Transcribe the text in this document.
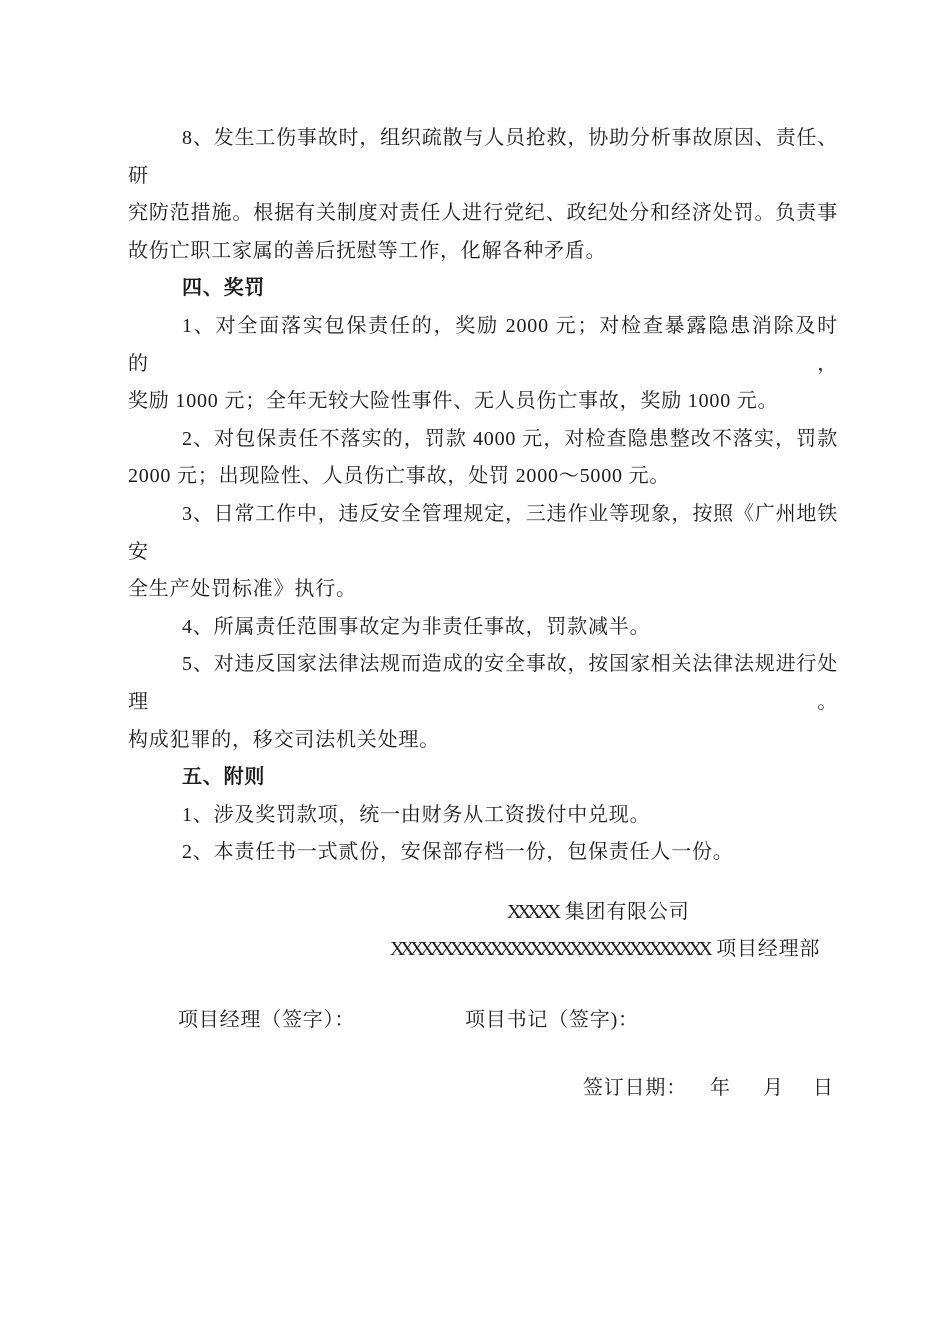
8、发生工伤事故时，组织疏散与人员抢救，协助分析事故原因、责任、研
究防范措施。根据有关制度对责任人进行党纪、政纪处分和经济处罚。负责事
故伤亡职工家属的善后抚慰等工作，化解各种矛盾。
四、奖罚
1、对全面落实包保责任的，奖励 2000 元；对检查暴露隐患消除及时的，
奖励 1000 元；全年无较大险性事件、无人员伤亡事故，奖励 1000 元。
2、对包保责任不落实的，罚款 4000 元，对检查隐患整改不落实，罚款
2000 元；出现险性、人员伤亡事故，处罚 2000～5000 元。
3、日常工作中，违反安全管理规定，三违作业等现象，按照《广州地铁安
全生产处罚标准》执行。
4、所属责任范围事故定为非责任事故，罚款减半。
5、对违反国家法律法规而造成的安全事故，按国家相关法律法规进行处理。
构成犯罪的，移交司法机关处理。
五、附则
1、涉及奖罚款项，统一由财务从工资拨付中兑现。
2、本责任书一式贰份，安保部存档一份，包保责任人一份。
XXXXX 集团有限公司
XXXXXXXXXXXXXXXXXXXXXXXXXXXXXXXX 项目经理部
项目经理（签字）：	项目书记（签字)：
签订日期： 年 月 日
